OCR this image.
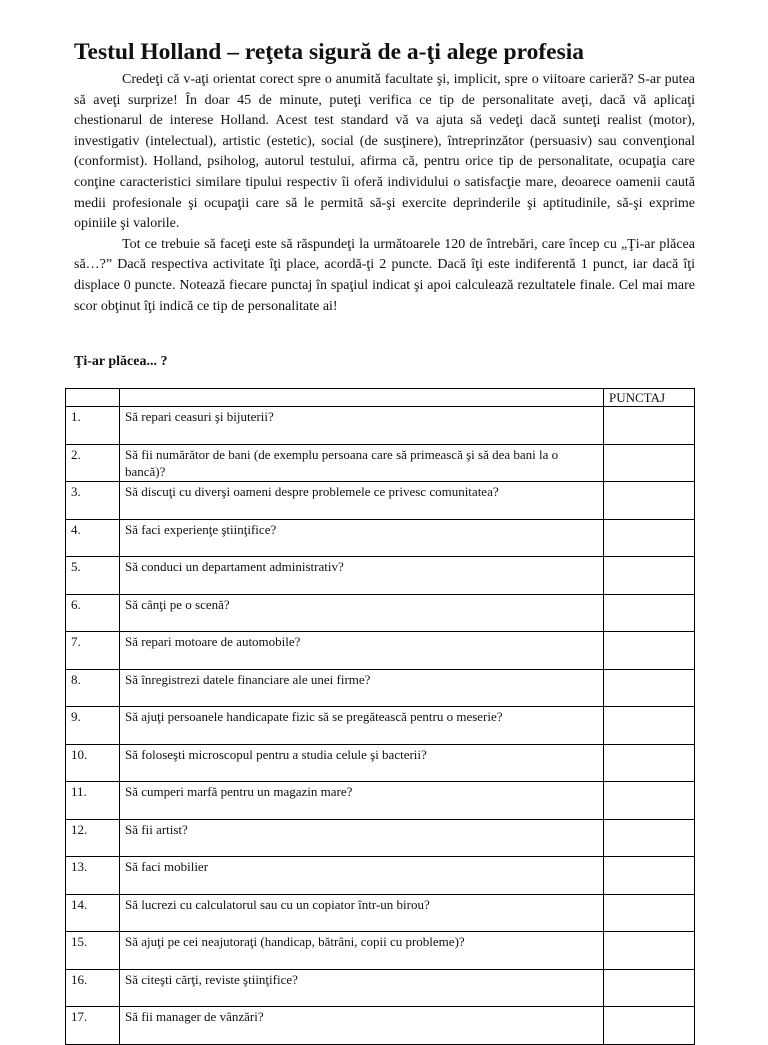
Testul Holland – reţeta sigură de a-ţi alege profesia

Credeţi că v-aţi orientat corect spre o anumită facultate şi, implicit, spre o viitoare carieră? S-ar putea să aveţi surprize! În doar 45 de minute, puteţi verifica ce tip de personalitate aveţi, dacă vă aplicaţi chestionarul de interese Holland. Acest test standard vă va ajuta să vedeţi dacă sunteţi realist (motor), investigativ (intelectual), artistic (estetic), social (de susţinere), întreprinzător (persuasiv) sau convenţional (conformist). Holland, psiholog, autorul testului, afirma că, pentru orice tip de personalitate, ocupaţia care conţine caracteristici similare tipului respectiv îi oferă individului o satisfacţie mare, deoarece oamenii caută medii profesionale şi ocupaţii care să le permită să-şi exercite deprinderile şi aptitudinile, să-şi exprime opiniile şi valorile.

Tot ce trebuie să faceţi este să răspundeţi la următoarele 120 de întrebări, care încep cu „Ţi-ar plăcea să…?” Dacă respectiva activitate îţi place, acordă-ţi 2 puncte. Dacă îţi este indiferentă 1 punct, iar dacă îţi displace 0 puncte. Notează fiecare punctaj în spaţiul indicat şi apoi calculează rezultatele finale. Cel mai mare scor obţinut îţi indică ce tip de personalitate ai!

Ţi-ar plăcea... ?
		PUNCTAJ
1.	Să repari ceasuri şi bijuterii?	
2.	Să fii numărător de bani (de exemplu persoana care să primească şi să dea bani la o bancă)?	
3.	Să discuţi cu diverşi oameni despre problemele ce privesc comunitatea?	
4.	Să faci experienţe ştiinţifice?	
5.	Să conduci un departament administrativ?	
6.	Să cânţi pe o scenă?	
7.	Să repari motoare de automobile?	
8.	Să înregistrezi datele financiare ale unei firme?	
9.	Să ajuţi persoanele handicapate fizic să se pregătească pentru o meserie?	
10.	Să foloseşti microscopul pentru a studia celule şi bacterii?	
11.	Să cumperi marfă pentru un magazin mare?	
12.	Să fii artist?	
13.	Să faci mobilier	
14.	Să lucrezi cu calculatorul sau cu un copiator într-un birou?	
15.	Să ajuţi pe cei neajutoraţi (handicap, bătrâni, copii cu probleme)?	
16.	Să citeşti cărţi, reviste ştiinţifice?	
17.	Să fii manager de vânzări?	
